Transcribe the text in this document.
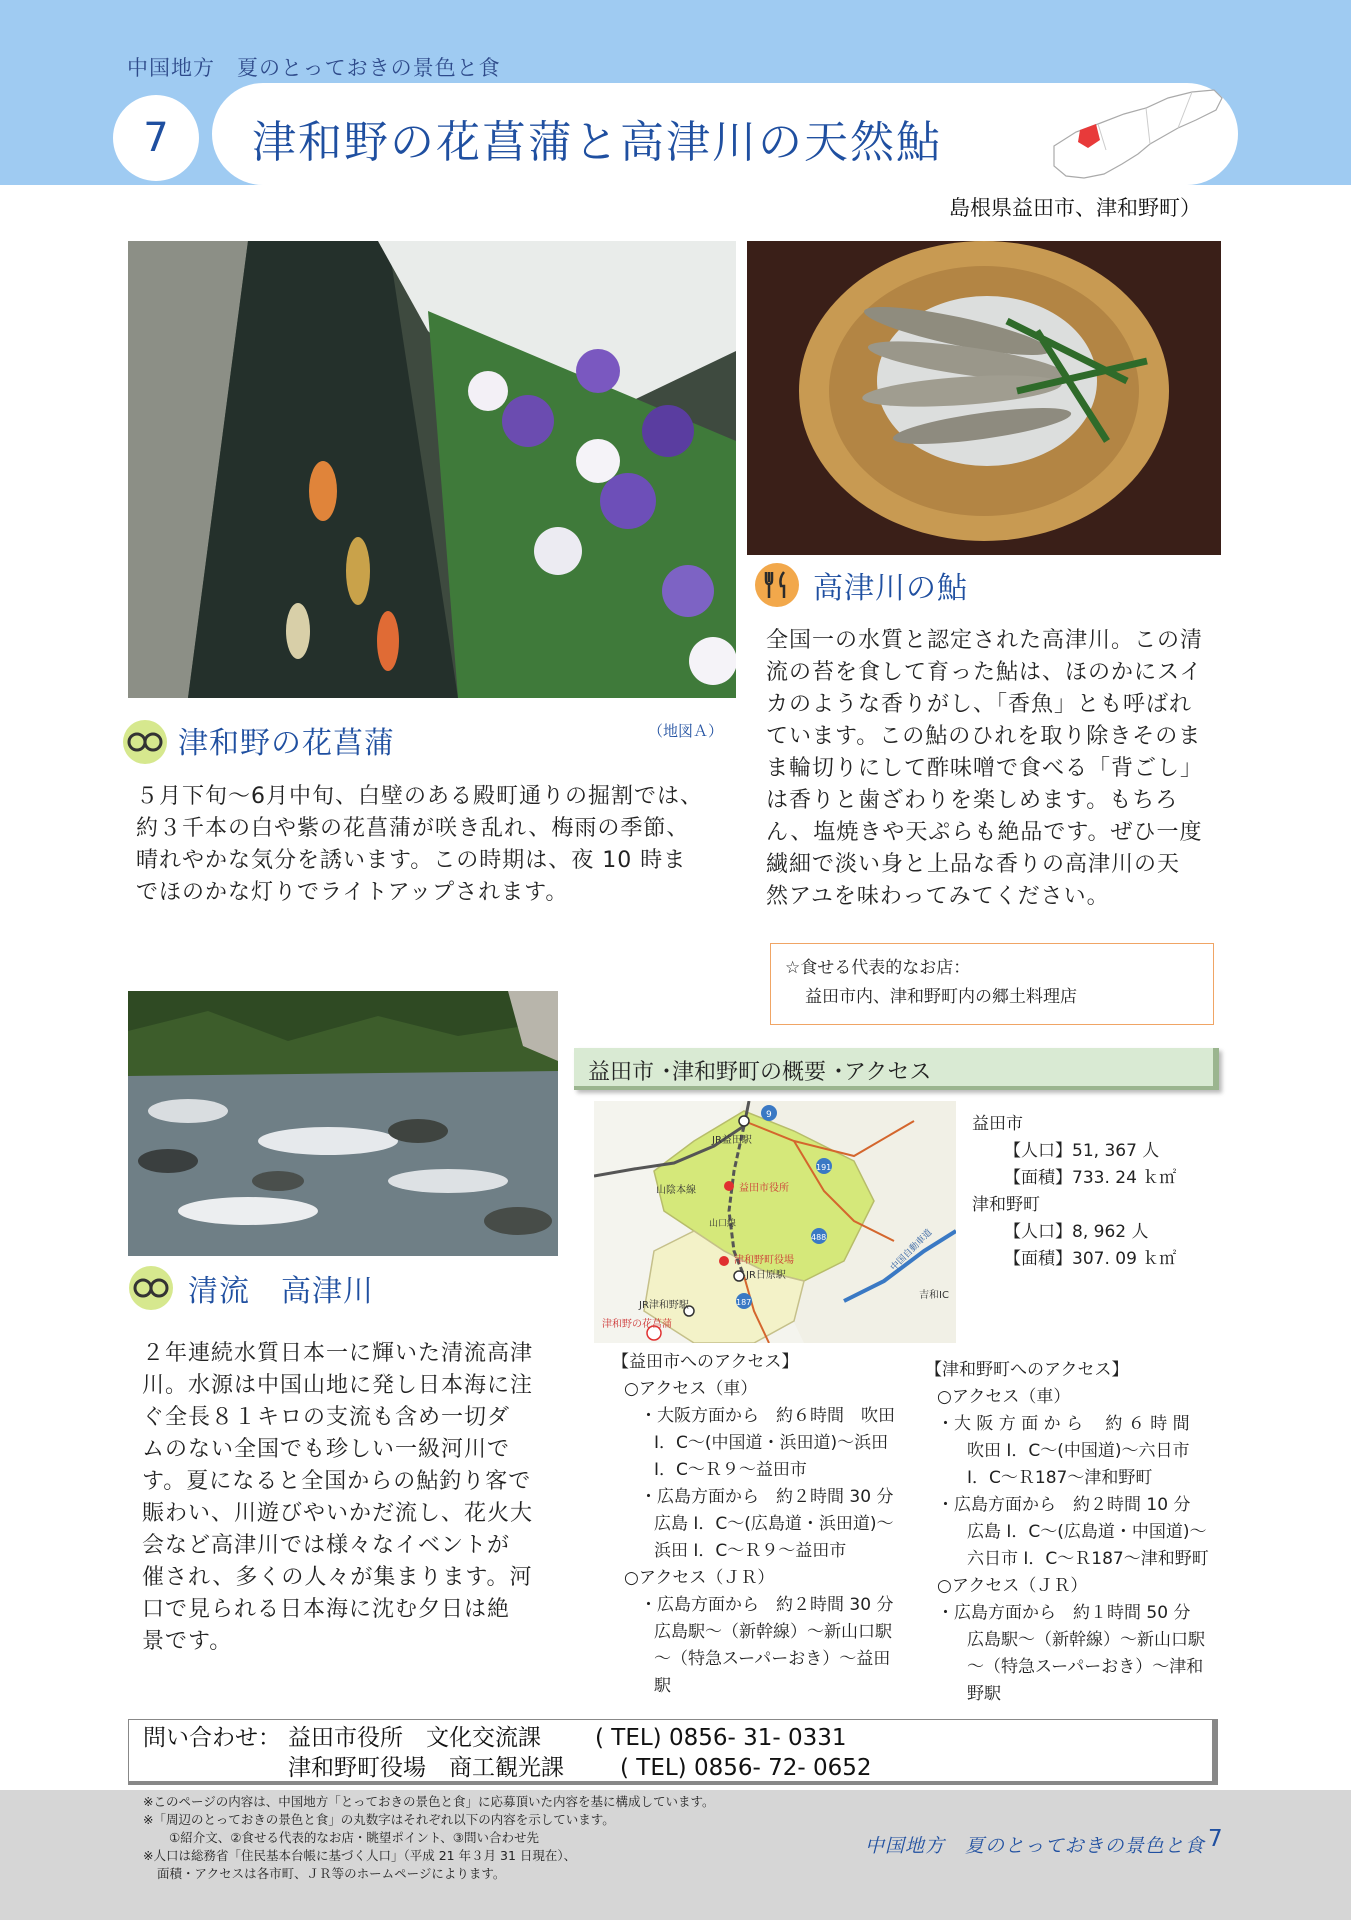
中国地方　夏のとっておきの景色と食
7	津和野の花菖蒲と高津川の天然鮎
島根県益田市、津和野町）
津和野の花菖蒲	（地図Ａ）
５月下旬～6月中旬、白壁のある殿町通りの掘割では、
約３千本の白や紫の花菖蒲が咲き乱れ、梅雨の季節、
晴れやかな気分を誘います。この時期は、夜 10 時ま
でほのかな灯りでライトアップされます。
高津川の鮎
全国一の水質と認定された高津川。この清
流の苔を食して育った鮎は、ほのかにスイ
カのような香りがし、「香魚」とも呼ばれ
ています。この鮎のひれを取り除きそのま
ま輪切りにして酢味噌で食べる「背ごし」
は香りと歯ざわりを楽しめます。もちろ
ん、塩焼きや天ぷらも絶品です。ぜひ一度
繊細で淡い身と上品な香りの高津川の天
然アユを味わってみてください。
☆食せる代表的なお店：
益田市内、津和野町内の郷土料理店
清流　高津川
２年連続水質日本一に輝いた清流高津
川。水源は中国山地に発し日本海に注
ぐ全長８１キロの支流も含め一切ダ
ムのない全国でも珍しい一級河川で
す。夏になると全国からの鮎釣り客で
賑わい、川遊びやいかだ流し、花火大
会など高津川では様々なイベントが
催され、多くの人々が集まります。河
口で見られる日本海に沈む夕日は絶
景です。
益田市 ･津和野町の概要 ･アクセス
JR益田駅
山陰本線	益田市役所
山口線
津和野町役場
JR日原駅
JR津和野駅
津和野の花菖蒲
中国自動車道
吉和IC
9
191
488
187
益田市
【人口】51, 367 人
【面積】733. 24 ｋ㎡
津和野町
【人口】8, 962 人
【面積】307. 09 ｋ㎡
【益田市へのアクセス】
○アクセス（車）
・大阪方面から　約６時間　吹田
I．C～(中国道・浜田道)～浜田
I．C～Ｒ９～益田市
・広島方面から　約２時間 30 分
広島 I．C～(広島道・浜田道)～
浜田 I．C～Ｒ９～益田市
○アクセス（ＪＲ）
・広島方面から　約２時間 30 分
広島駅～（新幹線）～新山口駅
～（特急スーパーおき）～益田
駅
【津和野町へのアクセス】
○アクセス（車）
・大 阪 方 面 か ら　 約 ６ 時 間
吹田 I．C～(中国道)～六日市
I．C～Ｒ187～津和野町
・広島方面から　約２時間 10 分
広島 I．C～(広島道・中国道)～
六日市 I．C～Ｒ187～津和野町
○アクセス（ＪＲ）
・広島方面から　約１時間 50 分
広島駅～（新幹線）～新山口駅
～（特急スーパーおき）～津和
野駅
問い合わせ： 益田市役所　文化交流課	( TEL) 0856- 31- 0331
津和野町役場　商工観光課	( TEL) 0856- 72- 0652
※このページの内容は、中国地方「とっておきの景色と食」に応募頂いた内容を基に構成しています。
※「周辺のとっておきの景色と食」の丸数字はそれぞれ以下の内容を示しています。
①紹介文、②食せる代表的なお店・眺望ポイント、③問い合わせ先
※人口は総務省「住民基本台帳に基づく人口」（平成 21 年３月 31 日現在）、
面積・アクセスは各市町、ＪＲ等のホームページによります。
中国地方　夏のとっておきの景色と食 7
